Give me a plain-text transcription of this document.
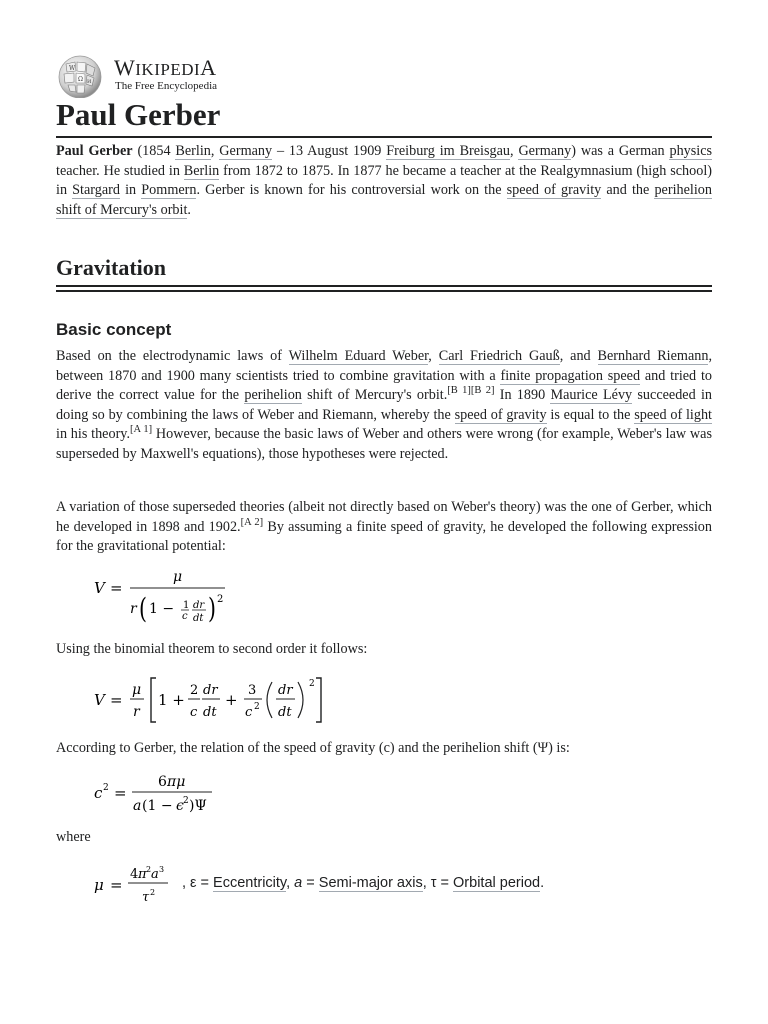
W
Ω И
WIKIPEDIA
The Free Encyclopedia
Paul Gerber

Paul Gerber (1854 Berlin, Germany – 13 August 1909 Freiburg im Breisgau, Germany) was a German physics teacher. He studied in Berlin from 1872 to 1875. In 1877 he became a teacher at the Realgymnasium (high school) in Stargard in Pommern. Gerber is known for his controversial work on the speed of gravity and the perihelion shift of Mercury's orbit.

Gravitation
Basic concept

Based on the electrodynamic laws of Wilhelm Eduard Weber, Carl Friedrich Gauß, and Bernhard Riemann, between 1870 and 1900 many scientists tried to combine gravitation with a finite propagation speed and tried to derive the correct value for the perihelion shift of Mercury's orbit.[B 1][B 2] In 1890 Maurice Lévy succeeded in doing so by combining the laws of Weber and Riemann, whereby the speed of gravity is equal to the speed of light in his theory.[A 1] However, because the basic laws of Weber and others were wrong (for example, Weber's law was superseded by Maxwell's equations), those hypotheses were rejected.

A variation of those superseded theories (albeit not directly based on Weber's theory) was the one of Gerber, which he developed in 1898 and 1902.[A 2] By assuming a finite speed of gravity, he developed the following expression for the gravitational potential:

V =
μ
r ( 1 − 1
c
dr
dt ) 2

Using the binomial theorem to second order it follows:

V =
μ
r
1 +
2
c
dr
dt
+
3
c 2
dr
dt
2

According to Gerber, the relation of the speed of gravity (c) and the perihelion shift (Ψ) is:

c 2 =
6 πμ
a (1 − ϵ 2 )Ψ

where

μ =
4 π 2 a 3
τ 2
, ε = Eccentricity, a = Semi-major axis, τ = Orbital period.
